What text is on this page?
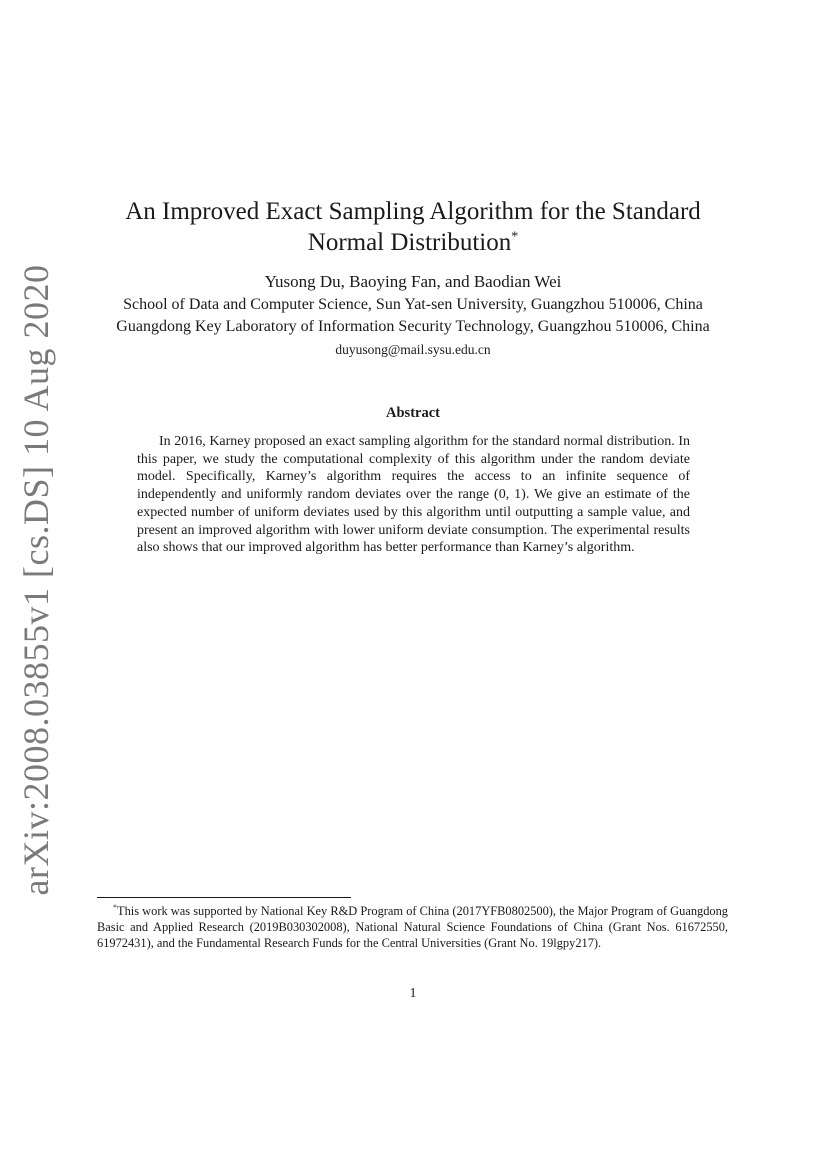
arXiv:2008.03855v1 [cs.DS] 10 Aug 2020
An Improved Exact Sampling Algorithm for the Standard Normal Distribution*
Yusong Du, Baoying Fan, and Baodian Wei
School of Data and Computer Science, Sun Yat-sen University, Guangzhou 510006, China
Guangdong Key Laboratory of Information Security Technology, Guangzhou 510006, China
duyusong@mail.sysu.edu.cn
Abstract
In 2016, Karney proposed an exact sampling algorithm for the standard normal distribution. In this paper, we study the computational complexity of this algorithm under the random deviate model. Specifically, Karney’s algorithm requires the access to an infinite sequence of independently and uniformly random deviates over the range (0, 1). We give an estimate of the expected number of uniform deviates used by this algorithm until outputting a sample value, and present an improved algorithm with lower uniform deviate consumption. The experimental results also shows that our improved algorithm has better performance than Karney’s algorithm.
*This work was supported by National Key R&D Program of China (2017YFB0802500), the Major Program of Guangdong Basic and Applied Research (2019B030302008), National Natural Science Foundations of China (Grant Nos. 61672550, 61972431), and the Fundamental Research Funds for the Central Universities (Grant No. 19lgpy217).
1
